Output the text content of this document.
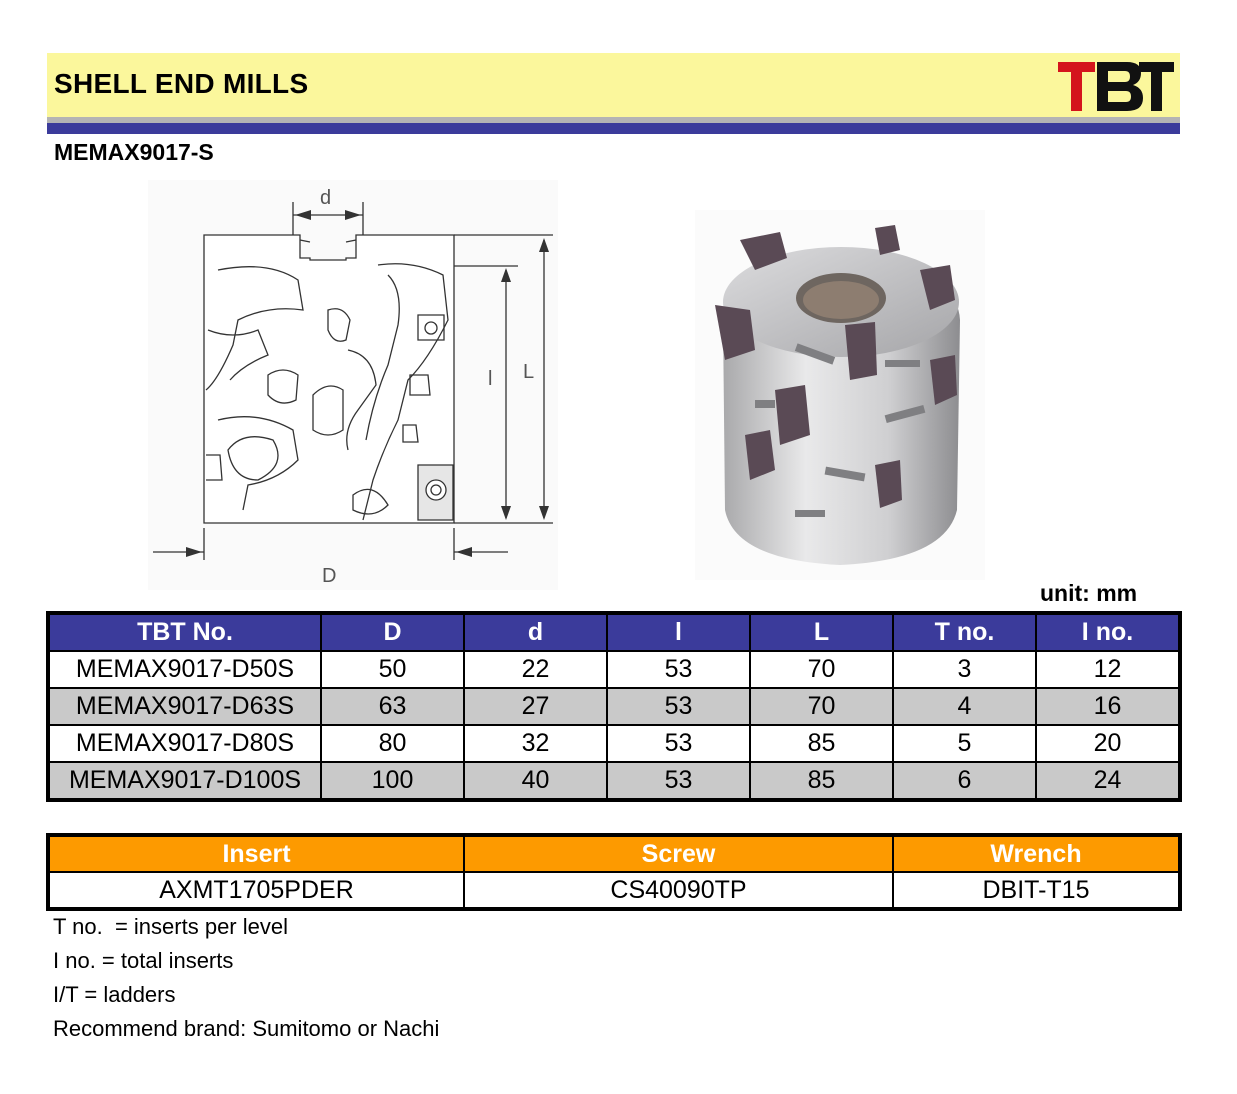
SHELL END MILLS
MEMAX9017-S
d
l L
D
unit: mm
TBT No.	D	d	l	L	T no.	I no.
MEMAX9017-D50S	50	22	53	70	3	12
MEMAX9017-D63S	63	27	53	70	4	16
MEMAX9017-D80S	80	32	53	85	5	20
MEMAX9017-D100S	100	40	53	85	6	24
Insert	Screw	Wrench
AXMT1705PDER	CS40090TP	DBIT-T15
T no.  = inserts per level
I no. = total inserts
I/T = ladders
Recommend brand: Sumitomo or Nachi
